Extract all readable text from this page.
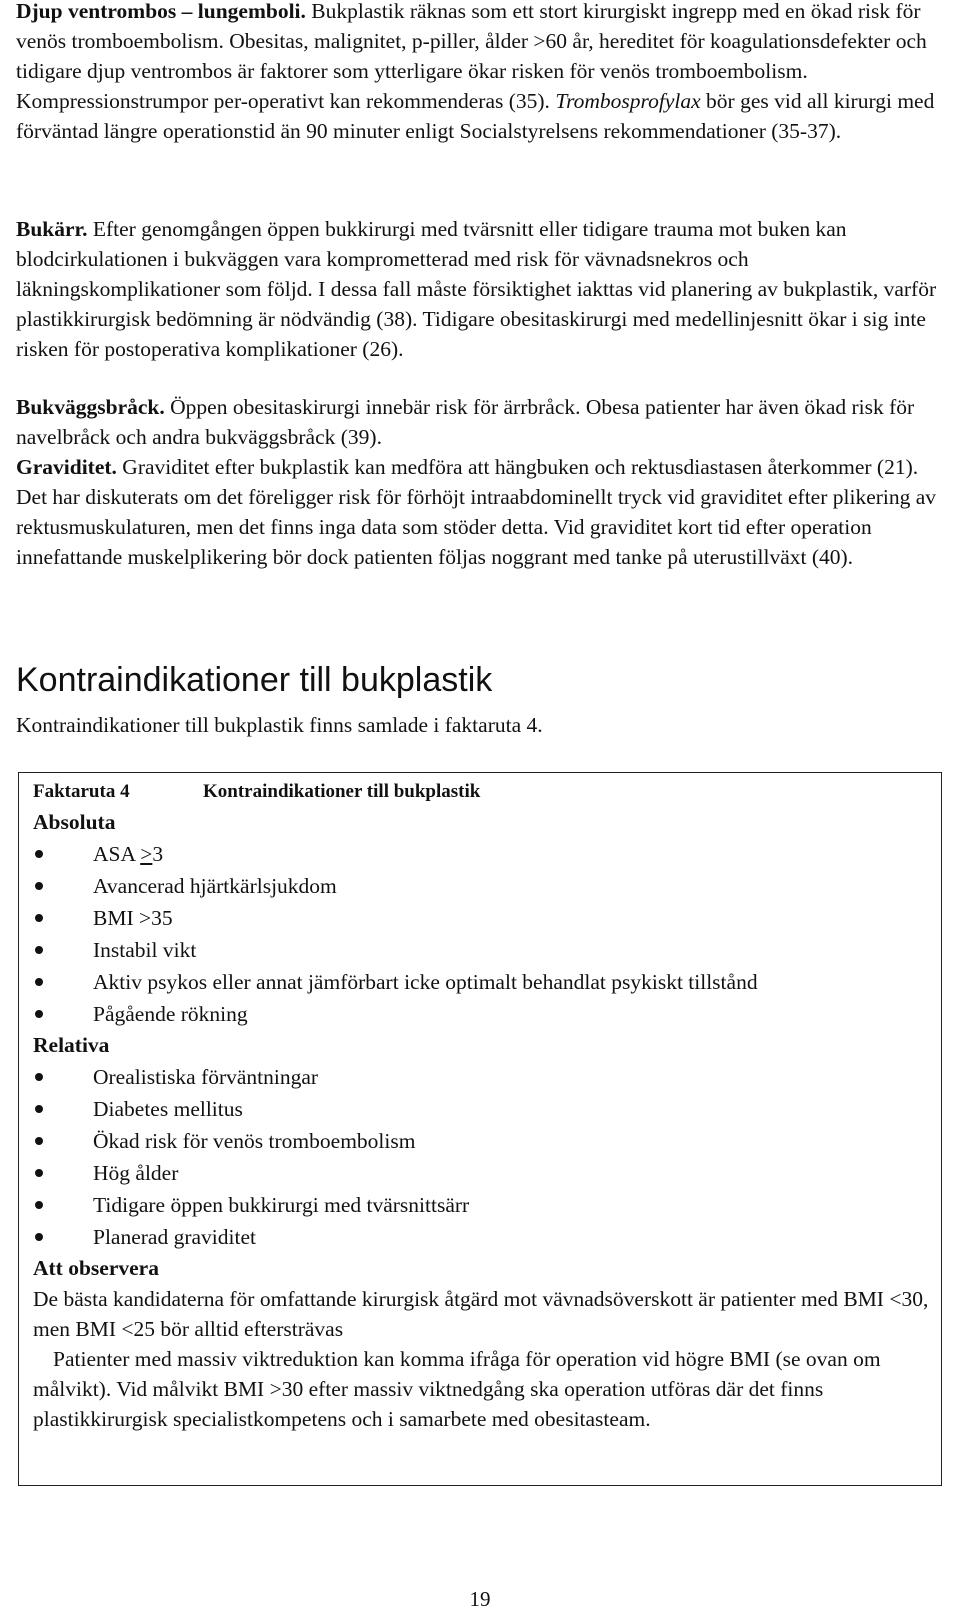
Djup ventrombos – lungemboli. Bukplastik räknas som ett stort kirurgiskt ingrepp med en ökad risk för venös tromboembolism. Obesitas, malignitet, p-piller, ålder >60 år, hereditet för koagulationsdefekter och tidigare djup ventrombos är faktorer som ytterligare ökar risken för venös tromboembolism. Kompressionstrumpor per-operativt kan rekommenderas (35). Trombosprofylax bör ges vid all kirurgi med förväntad längre operationstid än 90 minuter enligt Socialstyrelsens rekommendationer (35-37).

Bukärr. Efter genomgången öppen bukkirurgi med tvärsnitt eller tidigare trauma mot buken kan blodcirkulationen i bukväggen vara komprometterad med risk för vävnadsnekros och läkningskomplikationer som följd. I dessa fall måste försiktighet iakttas vid planering av bukplastik, varför plastikkirurgisk bedömning är nödvändig (38). Tidigare obesitaskirurgi med medellinjesnitt ökar i sig inte risken för postoperativa komplikationer (26).

Bukväggsbråck. Öppen obesitaskirurgi innebär risk för ärrbråck. Obesa patienter har även ökad risk för navelbråck och andra bukväggsbråck (39).

Graviditet. Graviditet efter bukplastik kan medföra att hängbuken och rektusdiastasen återkommer (21). Det har diskuterats om det föreligger risk för förhöjt intraabdominellt tryck vid graviditet efter plikering av rektusmuskulaturen, men det finns inga data som stöder detta. Vid graviditet kort tid efter operation innefattande muskelplikering bör dock patienten följas noggrant med tanke på uterustillväxt (40).

Kontraindikationer till bukplastik

Kontraindikationer till bukplastik finns samlade i faktaruta 4.

Faktaruta 4	Kontraindikationer till bukplastik
Absoluta
ASA >3
Avancerad hjärtkärlsjukdom
BMI >35
Instabil vikt
Aktiv psykos eller annat jämförbart icke optimalt behandlat psykiskt tillstånd
Pågående rökning
Relativa
Orealistiska förväntningar
Diabetes mellitus
Ökad risk för venös tromboembolism
Hög ålder
Tidigare öppen bukkirurgi med tvärsnittsärr
Planerad graviditet
Att observera

De bästa kandidaterna för omfattande kirurgisk åtgärd mot vävnadsöverskott är patienter med BMI <30, men BMI <25 bör alltid eftersträvas

Patienter med massiv viktreduktion kan komma ifråga för operation vid högre BMI (se ovan om målvikt). Vid målvikt BMI >30 efter massiv viktnedgång ska operation utföras där det finns plastikkirurgisk specialistkompetens och i samarbete med obesitasteam.

19
